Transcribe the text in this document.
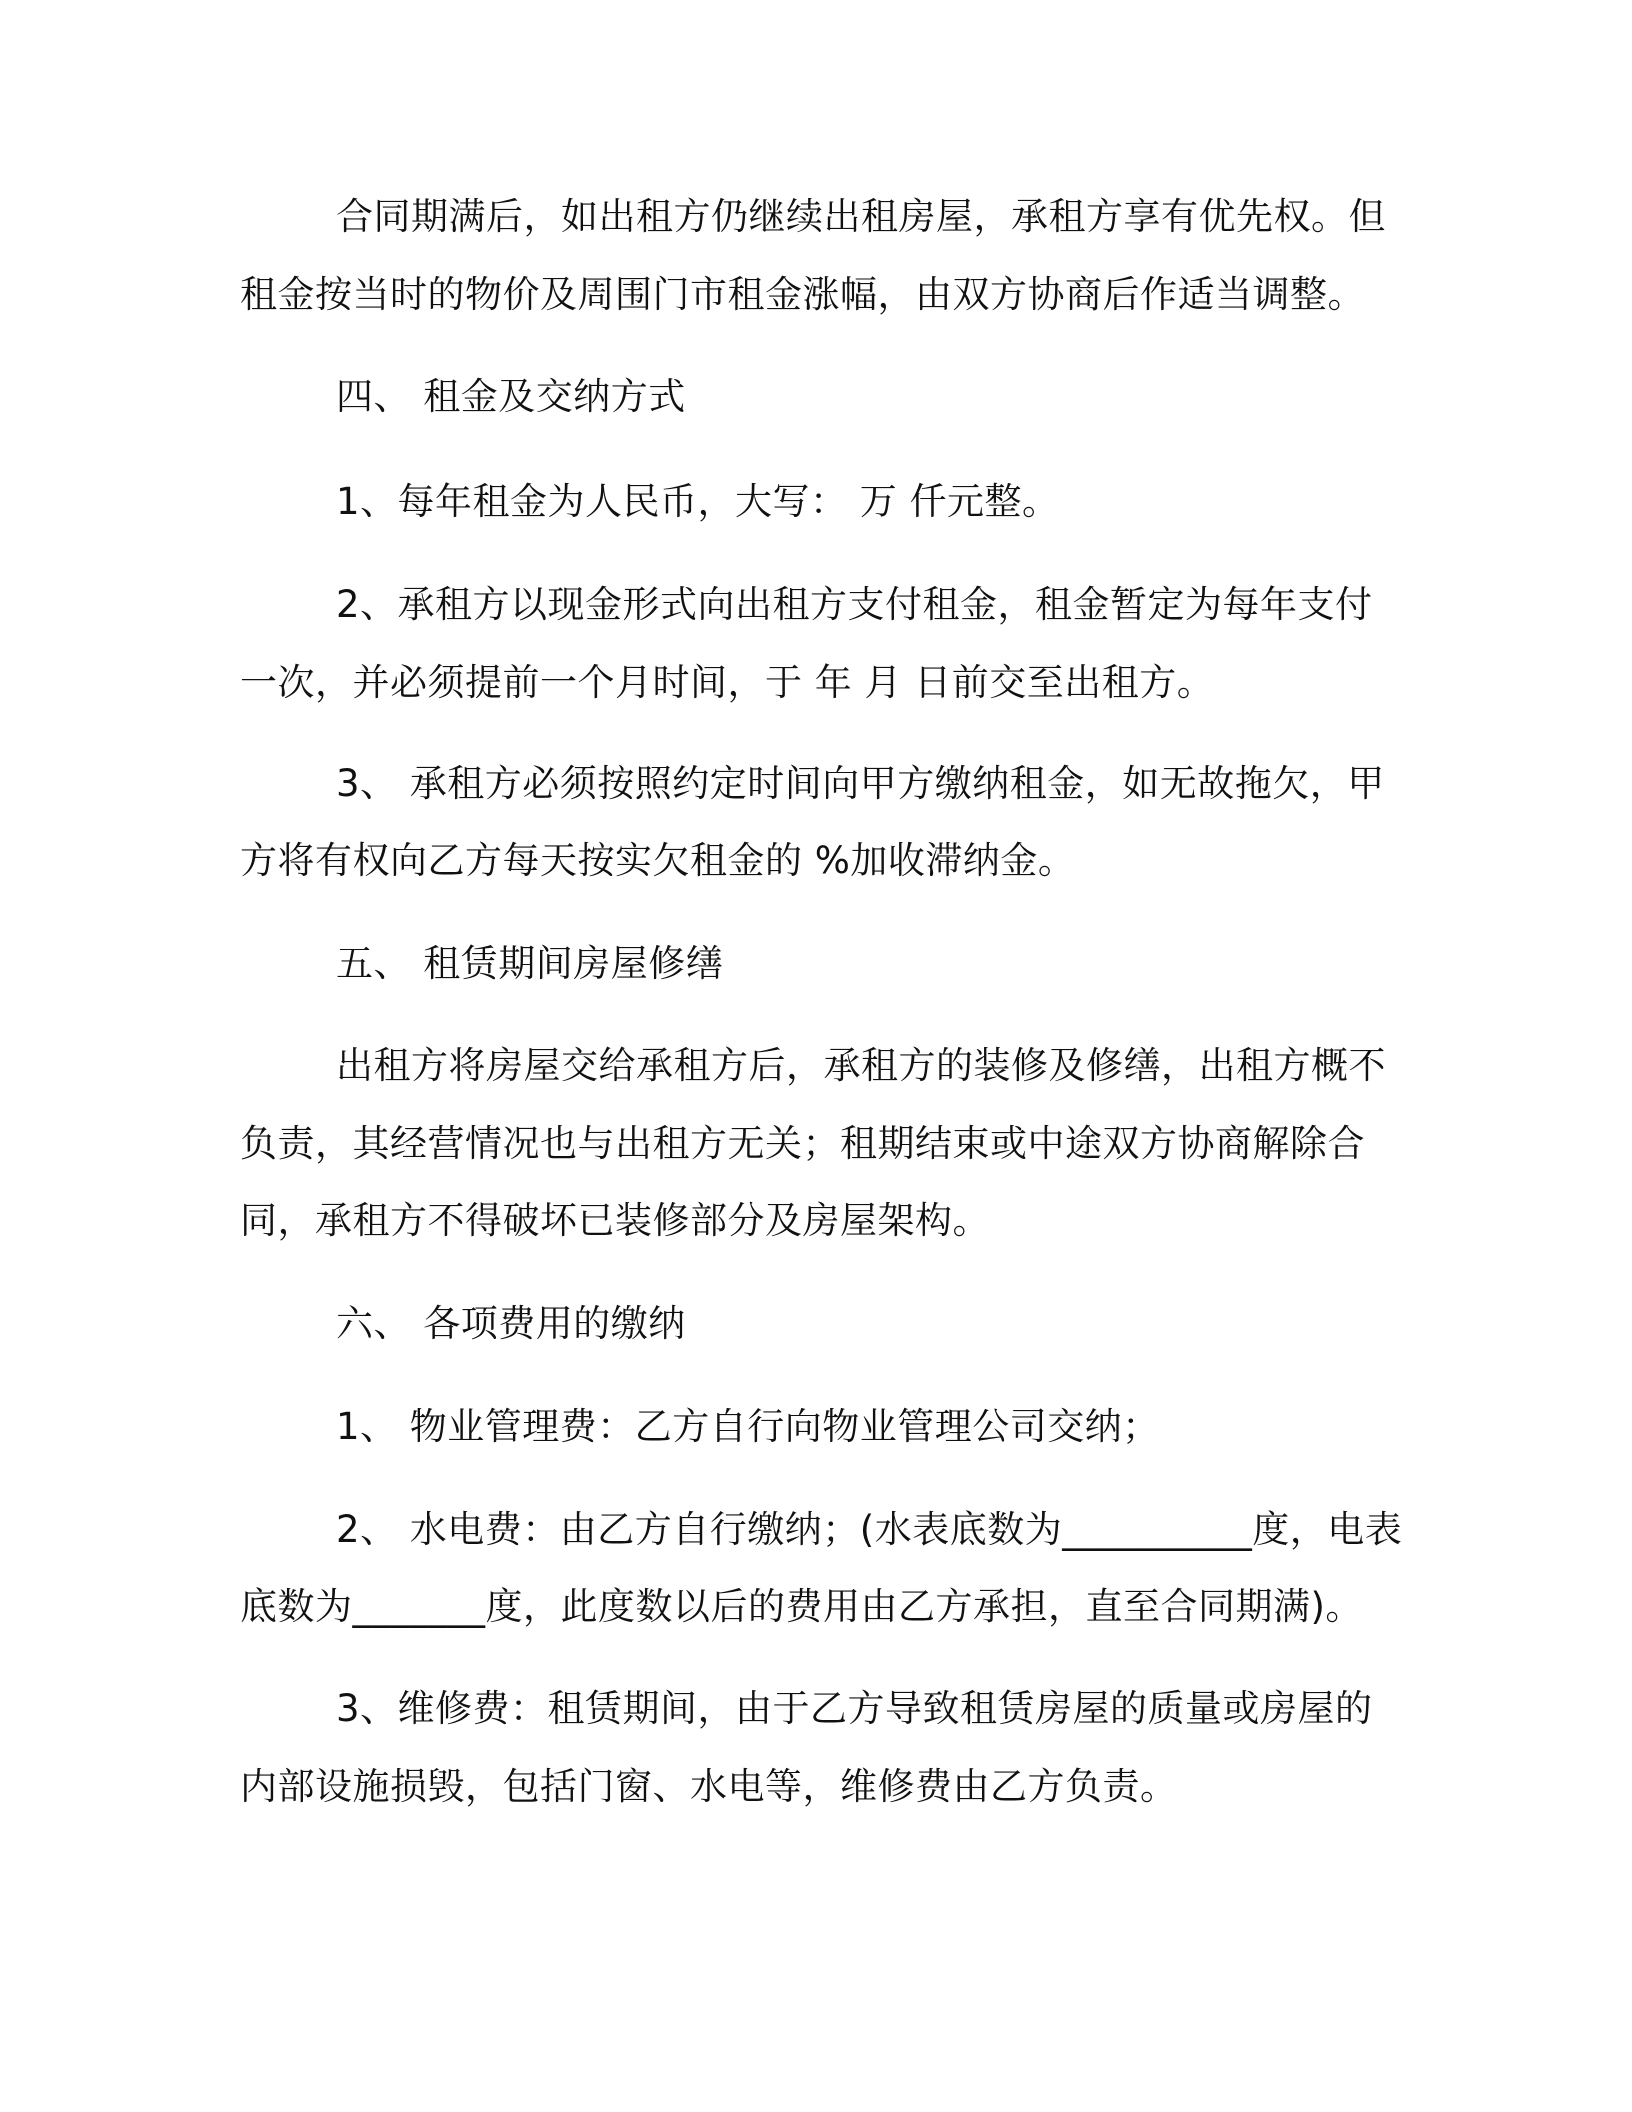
合同期满后，如出租方仍继续出租房屋，承租方享有优先权。但
租金按当时的物价及周围门市租金涨幅，由双方协商后作适当调整。
四、 租金及交纳方式
1、每年租金为人民币，大写： 万 仟元整。
2、承租方以现金形式向出租方支付租金，租金暂定为每年支付
一次，并必须提前一个月时间，于 年 月 日前交至出租方。
3、 承租方必须按照约定时间向甲方缴纳租金，如无故拖欠，甲
方将有权向乙方每天按实欠租金的 %加收滞纳金。
五、 租赁期间房屋修缮
出租方将房屋交给承租方后，承租方的装修及修缮，出租方概不
负责，其经营情况也与出租方无关；租期结束或中途双方协商解除合
同，承租方不得破坏已装修部分及房屋架构。
六、 各项费用的缴纳
1、 物业管理费：乙方自行向物业管理公司交纳；
2、 水电费：由乙方自行缴纳；(水表底数为__________度，电表
底数为_______度，此度数以后的费用由乙方承担，直至合同期满)。
3、维修费：租赁期间，由于乙方导致租赁房屋的质量或房屋的
内部设施损毁，包括门窗、水电等，维修费由乙方负责。
